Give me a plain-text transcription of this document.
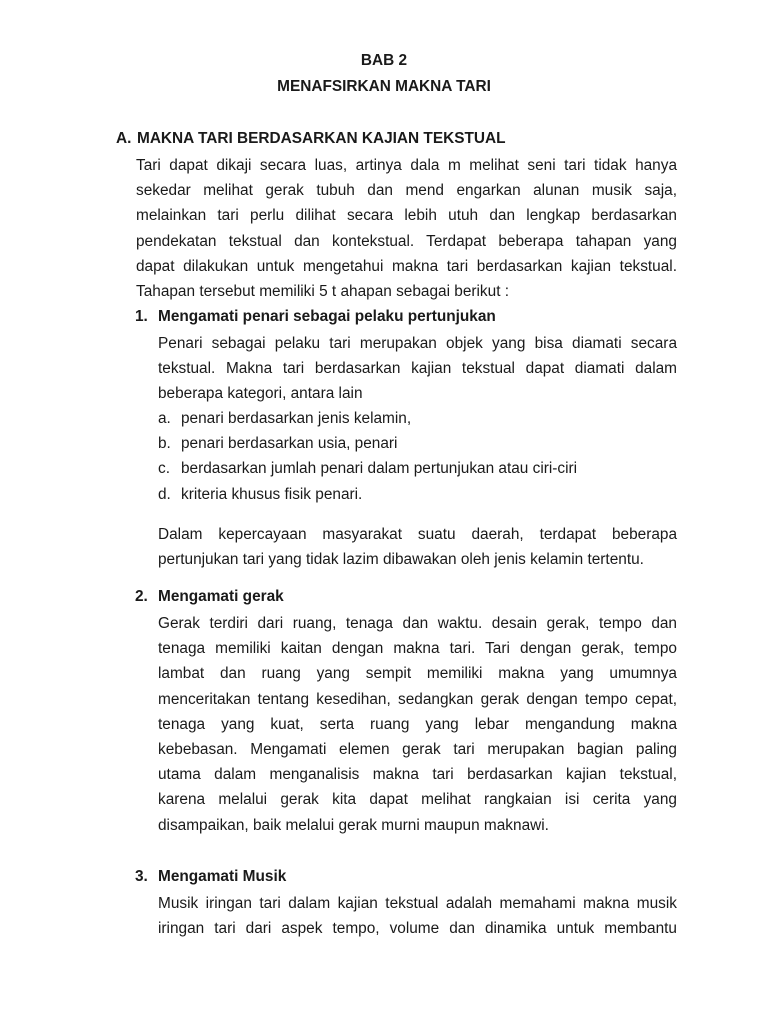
BAB 2
MENAFSIRKAN MAKNA TARI
A. MAKNA TARI BERDASARKAN KAJIAN TEKSTUAL
Tari dapat dikaji secara luas, artinya dala m melihat seni tari tidak hanya
sekedar melihat gerak tubuh dan mend engarkan alunan musik saja,
melainkan tari perlu dilihat secara lebih utuh dan lengkap berdasarkan
pendekatan tekstual dan kontekstual. Terdapat beberapa tahapan yang
dapat dilakukan untuk mengetahui makna tari berdasarkan kajian tekstual.
Tahapan tersebut memiliki 5 t ahapan sebagai berikut :
1. Mengamati penari sebagai pelaku pertunjukan
Penari sebagai pelaku tari merupakan objek yang bisa diamati secara
tekstual. Makna tari berdasarkan kajian tekstual dapat diamati dalam
beberapa kategori, antara lain
a. penari berdasarkan jenis kelamin,
b. penari berdasarkan usia, penari
c. berdasarkan jumlah penari dalam pertunjukan atau ciri-ciri
d. kriteria khusus fisik penari.
Dalam kepercayaan masyarakat suatu daerah, terdapat beberapa
pertunjukan tari yang tidak lazim dibawakan oleh jenis kelamin tertentu.
2. Mengamati gerak
Gerak terdiri dari ruang, tenaga dan waktu. desain gerak, tempo dan
tenaga memiliki kaitan dengan makna tari. Tari dengan gerak, tempo
lambat dan ruang yang sempit memiliki makna yang umumnya
menceritakan tentang kesedihan, sedangkan gerak dengan tempo cepat,
tenaga yang kuat, serta ruang yang lebar mengandung makna
kebebasan. Mengamati elemen gerak tari merupakan bagian paling
utama dalam menganalisis makna tari berdasarkan kajian tekstual,
karena melalui gerak kita dapat melihat rangkaian isi cerita yang
disampaikan, baik melalui gerak murni maupun maknawi.
3. Mengamati Musik
Musik iringan tari dalam kajian tekstual adalah memahami makna musik
iringan tari dari aspek tempo, volume dan dinamika untuk membantu
